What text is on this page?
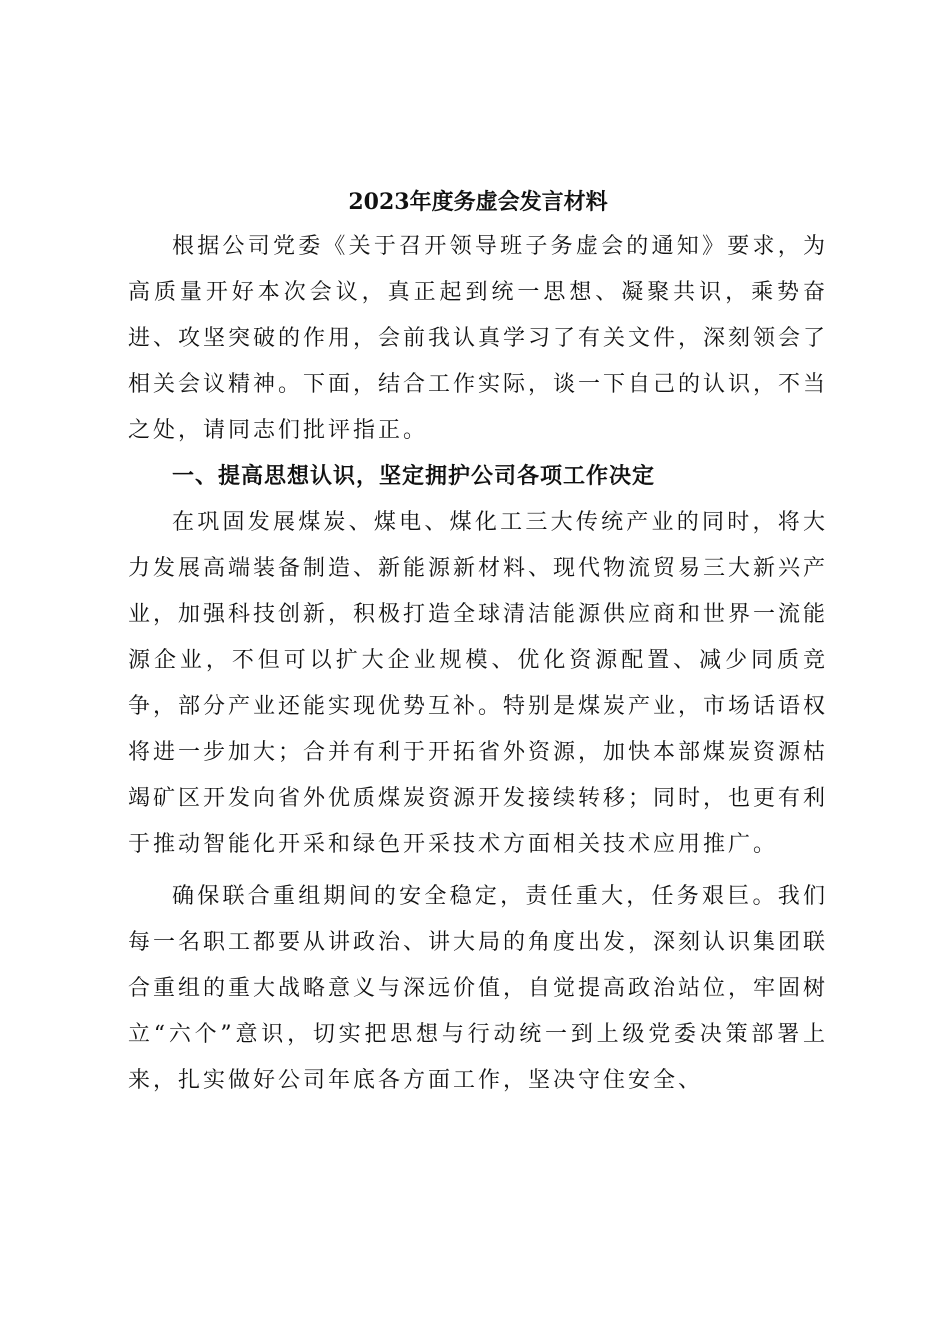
2023年度务虚会发言材料

根据公司党委《关于召开领导班子务虚会的通知》要求，为高质量开好本次会议，真正起到统一思想、凝聚共识，乘势奋进、攻坚突破的作用，会前我认真学习了有关文件，深刻领会了相关会议精神。下面，结合工作实际，谈一下自己的认识，不当之处，请同志们批评指正。

一、提高思想认识，坚定拥护公司各项工作决定

在巩固发展煤炭、煤电、煤化工三大传统产业的同时，将大力发展高端装备制造、新能源新材料、现代物流贸易三大新兴产业，加强科技创新，积极打造全球清洁能源供应商和世界一流能源企业，不但可以扩大企业规模、优化资源配置、减少同质竞争，部分产业还能实现优势互补。特别是煤炭产业，市场话语权将进一步加大；合并有利于开拓省外资源，加快本部煤炭资源枯竭矿区开发向省外优质煤炭资源开发接续转移；同时，也更有利于推动智能化开采和绿色开采技术方面相关技术应用推广。

确保联合重组期间的安全稳定，责任重大，任务艰巨。我们每一名职工都要从讲政治、讲大局的角度出发，深刻认识集团联合重组的重大战略意义与深远价值，自觉提高政治站位，牢固树立“六个”意识，切实把思想与行动统一到上级党委决策部署上来，扎实做好公司年底各方面工作，坚决守住安全、
